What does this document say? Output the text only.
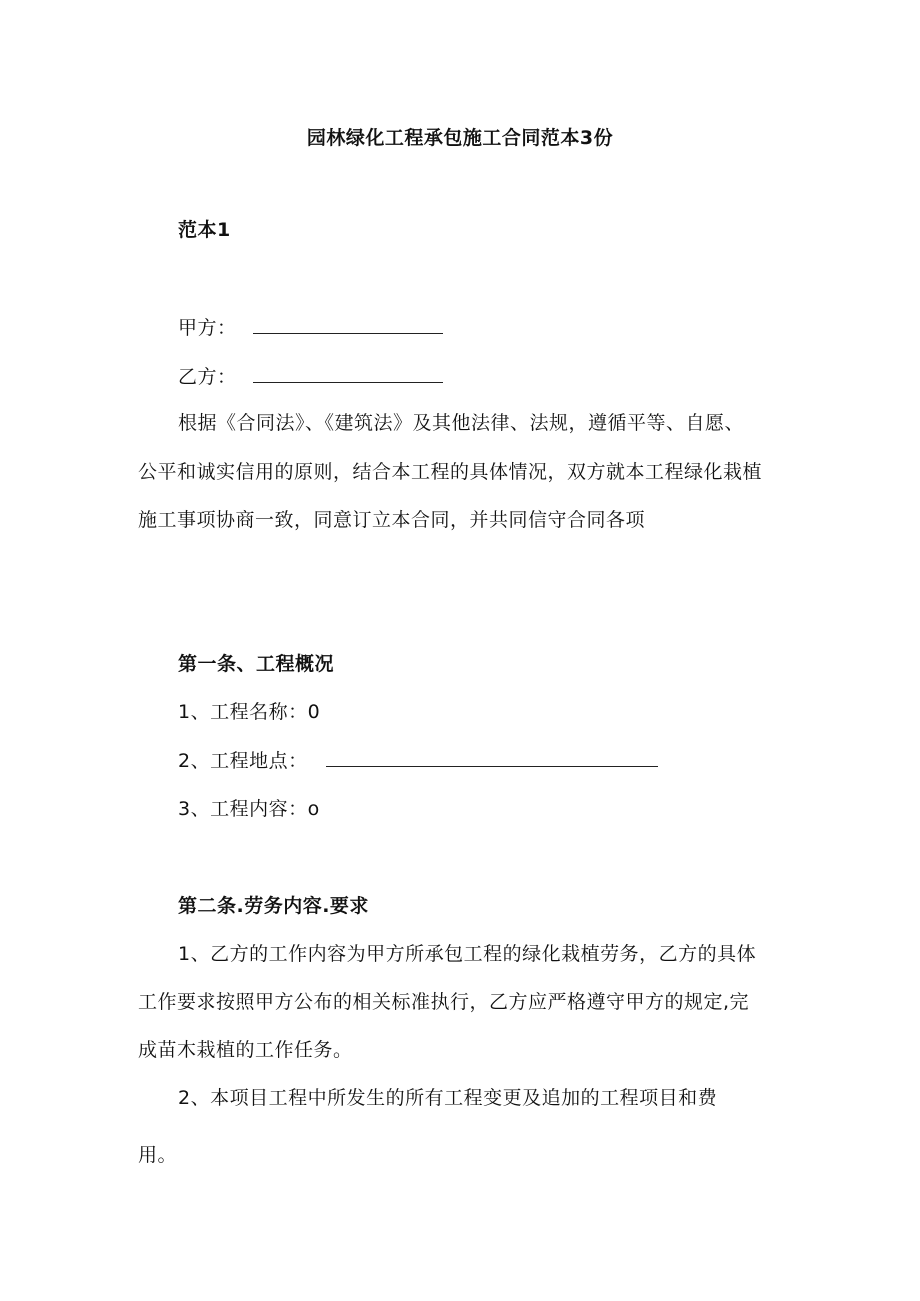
园林绿化工程承包施工合同范本3份
范本1
甲方：
乙方：
根据《合同法》、《建筑法》及其他法律、法规，遵循平等、自愿、
公平和诚实信用的原则，结合本工程的具体情况，双方就本工程绿化栽植
施工事项协商一致，同意订立本合同，并共同信守合同各项
第一条、工程概况
1、工程名称：0
2、工程地点：
3、工程内容：o
第二条.劳务内容.要求
1、乙方的工作内容为甲方所承包工程的绿化栽植劳务，乙方的具体
工作要求按照甲方公布的相关标准执行，乙方应严格遵守甲方的规定,完
成苗木栽植的工作任务。
2、本项目工程中所发生的所有工程变更及追加的工程项目和费
用。
